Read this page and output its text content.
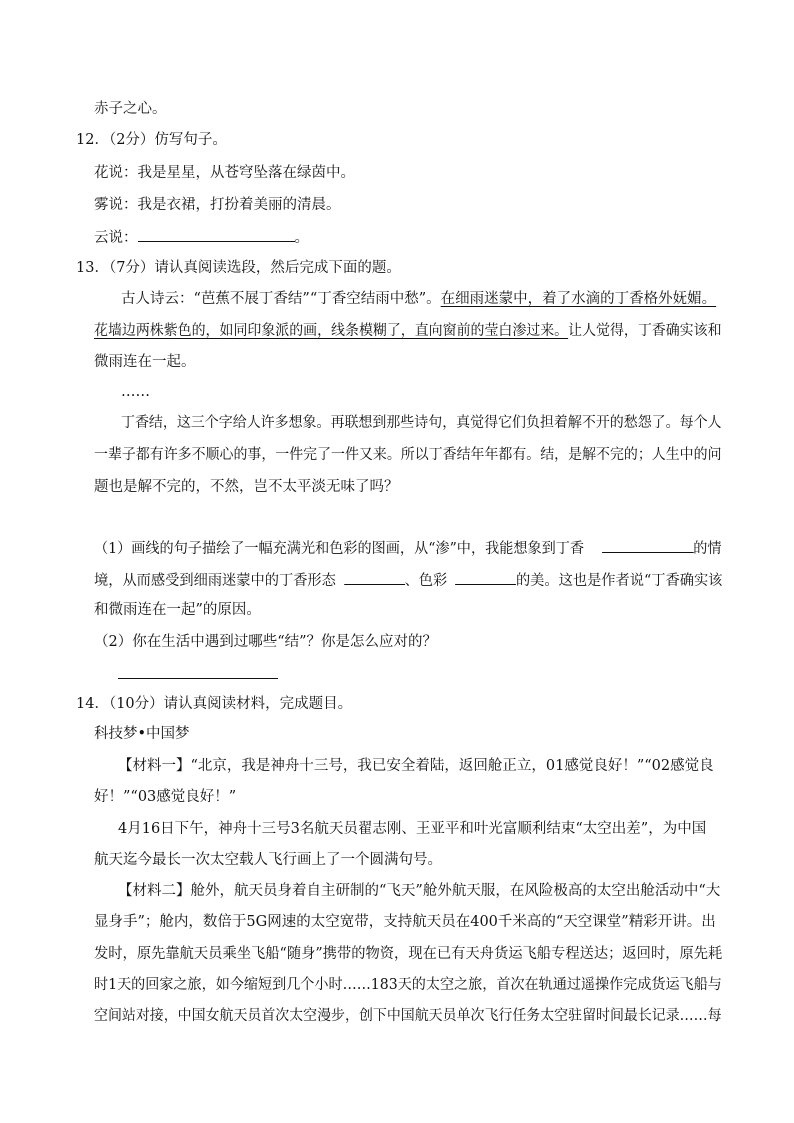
赤子之心。
12．（2分）仿写句子。
花说：我是星星，从苍穹坠落在绿茵中。
雾说：我是衣裙，打扮着美丽的清晨。
云说：	。
13．（7分）请认真阅读选段，然后完成下面的题。
古人诗云：“芭蕉不展丁香结”“丁香空结雨中愁”。在细雨迷蒙中，着了水滴的丁香格外妩媚。
花墙边两株紫色的，如同印象派的画，线条模糊了，直向窗前的莹白渗过来。让人觉得，丁香确实该和
微雨连在一起。
……
丁香结，这三个字给人许多想象。再联想到那些诗句，真觉得它们负担着解不开的愁怨了。每个人
一辈子都有许多不顺心的事，一件完了一件又来。所以丁香结年年都有。结，是解不完的；人生中的问
题也是解不完的，不然，岂不太平淡无味了吗？
（1）画线的句子描绘了一幅充满光和色彩的图画，从“渗”中，我能想象到丁香	的情
境，从而感受到细雨迷蒙中的丁香形态	、色彩	的美。这也是作者说“丁香确实该
和微雨连在一起”的原因。
（2）你在生活中遇到过哪些“结”？你是怎么应对的？
14．（10分）请认真阅读材料，完成题目。
科技梦•中国梦
【材料一】“北京，我是神舟十三号，我已安全着陆，返回舱正立，01感觉良好！”“02感觉良
好！”“03感觉良好！”
4月16日下午，神舟十三号3名航天员翟志刚、王亚平和叶光富顺利结束“太空出差”，为中国
航天迄今最长一次太空载人飞行画上了一个圆满句号。
【材料二】舱外，航天员身着自主研制的“飞天”舱外航天服，在风险极高的太空出舱活动中“大
显身手”；舱内，数倍于5G网速的太空宽带，支持航天员在400千米高的“天空课堂”精彩开讲。出
发时，原先靠航天员乘坐飞船“随身”携带的物资，现在已有天舟货运飞船专程送达；返回时，原先耗
时1天的回家之旅，如今缩短到几个小时……183天的太空之旅，首次在轨通过遥操作完成货运飞船与
空间站对接，中国女航天员首次太空漫步，创下中国航天员单次飞行任务太空驻留时间最长记录……每
